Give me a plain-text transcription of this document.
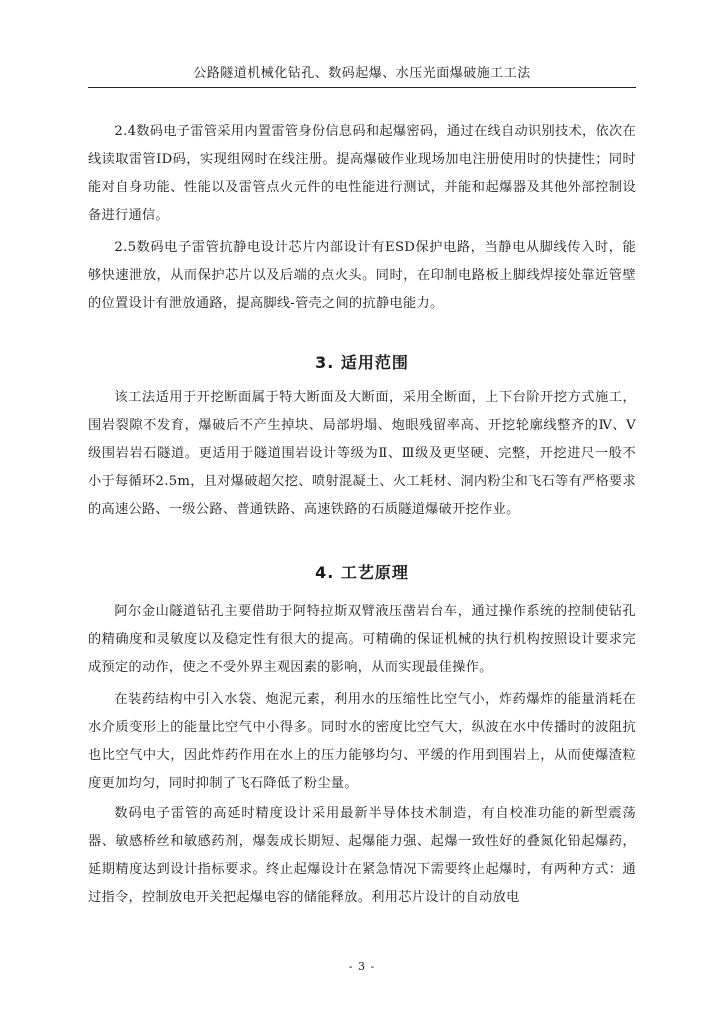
公路隧道机械化钻孔、数码起爆、水压光面爆破施工工法

2.4数码电子雷管采用内置雷管身份信息码和起爆密码，通过在线自动识别技术，依次在线读取雷管ID码，实现组网时在线注册。提高爆破作业现场加电注册使用时的快捷性；同时能对自身功能、性能以及雷管点火元件的电性能进行测试，并能和起爆器及其他外部控制设备进行通信。

2.5数码电子雷管抗静电设计芯片内部设计有ESD保护电路，当静电从脚线传入时，能够快速泄放，从而保护芯片以及后端的点火头。同时，在印制电路板上脚线焊接处靠近管壁的位置设计有泄放通路，提高脚线-管壳之间的抗静电能力。

3. 适用范围

该工法适用于开挖断面属于特大断面及大断面，采用全断面，上下台阶开挖方式施工，围岩裂隙不发育，爆破后不产生掉块、局部坍塌、炮眼残留率高、开挖轮廓线整齐的Ⅳ、Ⅴ级围岩岩石隧道。更适用于隧道围岩设计等级为Ⅱ、Ⅲ级及更坚硬、完整，开挖进尺一般不小于每循环2.5m，且对爆破超欠挖、喷射混凝土、火工耗材、洞内粉尘和飞石等有严格要求的高速公路、一级公路、普通铁路、高速铁路的石质隧道爆破开挖作业。

4. 工艺原理

阿尔金山隧道钻孔主要借助于阿特拉斯双臂液压凿岩台车，通过操作系统的控制使钻孔的精确度和灵敏度以及稳定性有很大的提高。可精确的保证机械的执行机构按照设计要求完成预定的动作，使之不受外界主观因素的影响，从而实现最佳操作。

在装药结构中引入水袋、炮泥元素，利用水的压缩性比空气小，炸药爆炸的能量消耗在水介质变形上的能量比空气中小得多。同时水的密度比空气大，纵波在水中传播时的波阻抗也比空气中大，因此炸药作用在水上的压力能够均匀、平缓的作用到围岩上，从而使爆渣粒度更加均匀，同时抑制了飞石降低了粉尘量。

数码电子雷管的高延时精度设计采用最新半导体技术制造，有自校准功能的新型震荡器、敏感桥丝和敏感药剂，爆轰成长期短、起爆能力强、起爆一致性好的叠氮化铅起爆药，延期精度达到设计指标要求。终止起爆设计在紧急情况下需要终止起爆时，有两种方式：通过指令，控制放电开关把起爆电容的储能释放。利用芯片设计的自动放电

- 3 -
